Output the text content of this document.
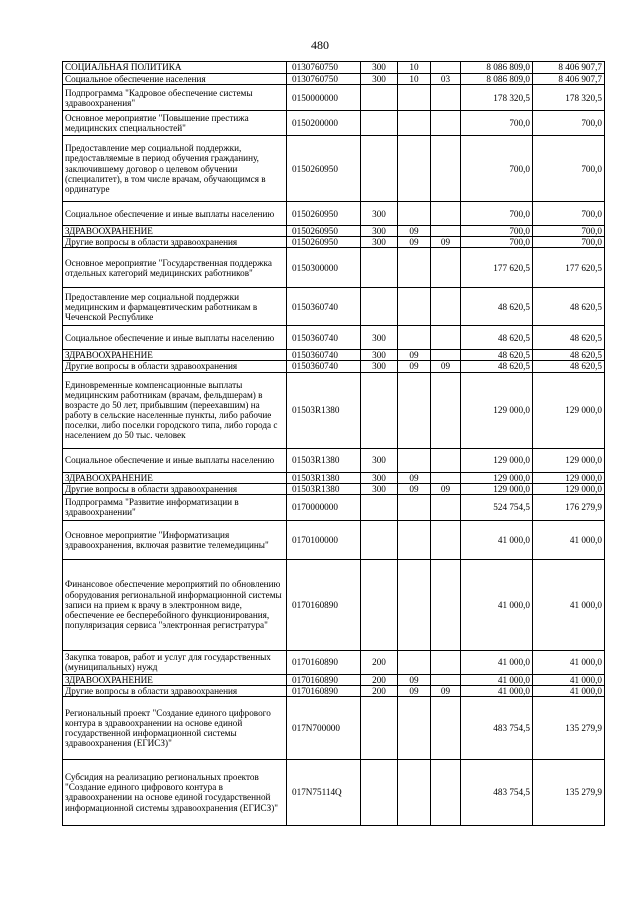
480
СОЦИАЛЬНАЯ ПОЛИТИКА	0130760750	300	10		8 086 809,0	8 406 907,7
Социальное обеспечение населения	0130760750	300	10	03	8 086 809,0	8 406 907,7
Подпрограмма "Кадровое обеспечение системы здравоохранения"	0150000000				178 320,5	178 320,5
Основное мероприятие "Повышение престижа медицинских специальностей"	0150200000				700,0	700,0
Предоставление мер социальной поддержки, предоставляемые в период обучения гражданину, заключившему договор о целевом обучении (специалитет), в том числе врачам, обучающимся в ординатуре	0150260950				700,0	700,0
Социальное обеспечение и иные выплаты населению	0150260950	300			700,0	700,0
ЗДРАВООХРАНЕНИЕ	0150260950	300	09		700,0	700,0
Другие вопросы в области здравоохранения	0150260950	300	09	09	700,0	700,0
Основное мероприятие "Государственная поддержка отдельных категорий медицинских работников"	0150300000				177 620,5	177 620,5
Предоставление мер социальной поддержки медицинским и фармацевтическим работникам в Чеченской Республике	0150360740				48 620,5	48 620,5
Социальное обеспечение и иные выплаты населению	0150360740	300			48 620,5	48 620,5
ЗДРАВООХРАНЕНИЕ	0150360740	300	09		48 620,5	48 620,5
Другие вопросы в области здравоохранения	0150360740	300	09	09	48 620,5	48 620,5
Единовременные компенсационные выплаты медицинским работникам (врачам, фельдшерам) в возрасте до 50 лет, прибывшим (переехавшим) на работу в сельские населенные пункты, либо рабочие поселки, либо поселки городского типа, либо города с населением до 50 тыс. человек	01503R1380				129 000,0	129 000,0
Социальное обеспечение и иные выплаты населению	01503R1380	300			129 000,0	129 000,0
ЗДРАВООХРАНЕНИЕ	01503R1380	300	09		129 000,0	129 000,0
Другие вопросы в области здравоохранения	01503R1380	300	09	09	129 000,0	129 000,0
Подпрограмма "Развитие информатизации в здравоохранении"	0170000000				524 754,5	176 279,9
Основное мероприятие "Информатизация здравоохранения, включая развитие телемедицины"	0170100000				41 000,0	41 000,0
Финансовое обеспечение мероприятий по обновлению оборудования региональной информационной системы записи на прием к врачу в электронном виде, обеспечение ее бесперебойного функционирования, популяризация сервиса "электронная регистратура"	0170160890				41 000,0	41 000,0
Закупка товаров, работ и услуг для государственных (муниципальных) нужд	0170160890	200			41 000,0	41 000,0
ЗДРАВООХРАНЕНИЕ	0170160890	200	09		41 000,0	41 000,0
Другие вопросы в области здравоохранения	0170160890	200	09	09	41 000,0	41 000,0
Региональный проект "Создание единого цифрового контура в здравоохранении на основе единой государственной информационной системы здравоохранения (ЕГИСЗ)"	017N700000				483 754,5	135 279,9
Субсидия на реализацию региональных проектов "Создание единого цифрового контура в здравоохранении на основе единой государственной информационной системы здравоохранения (ЕГИСЗ)"	017N75114Q				483 754,5	135 279,9
